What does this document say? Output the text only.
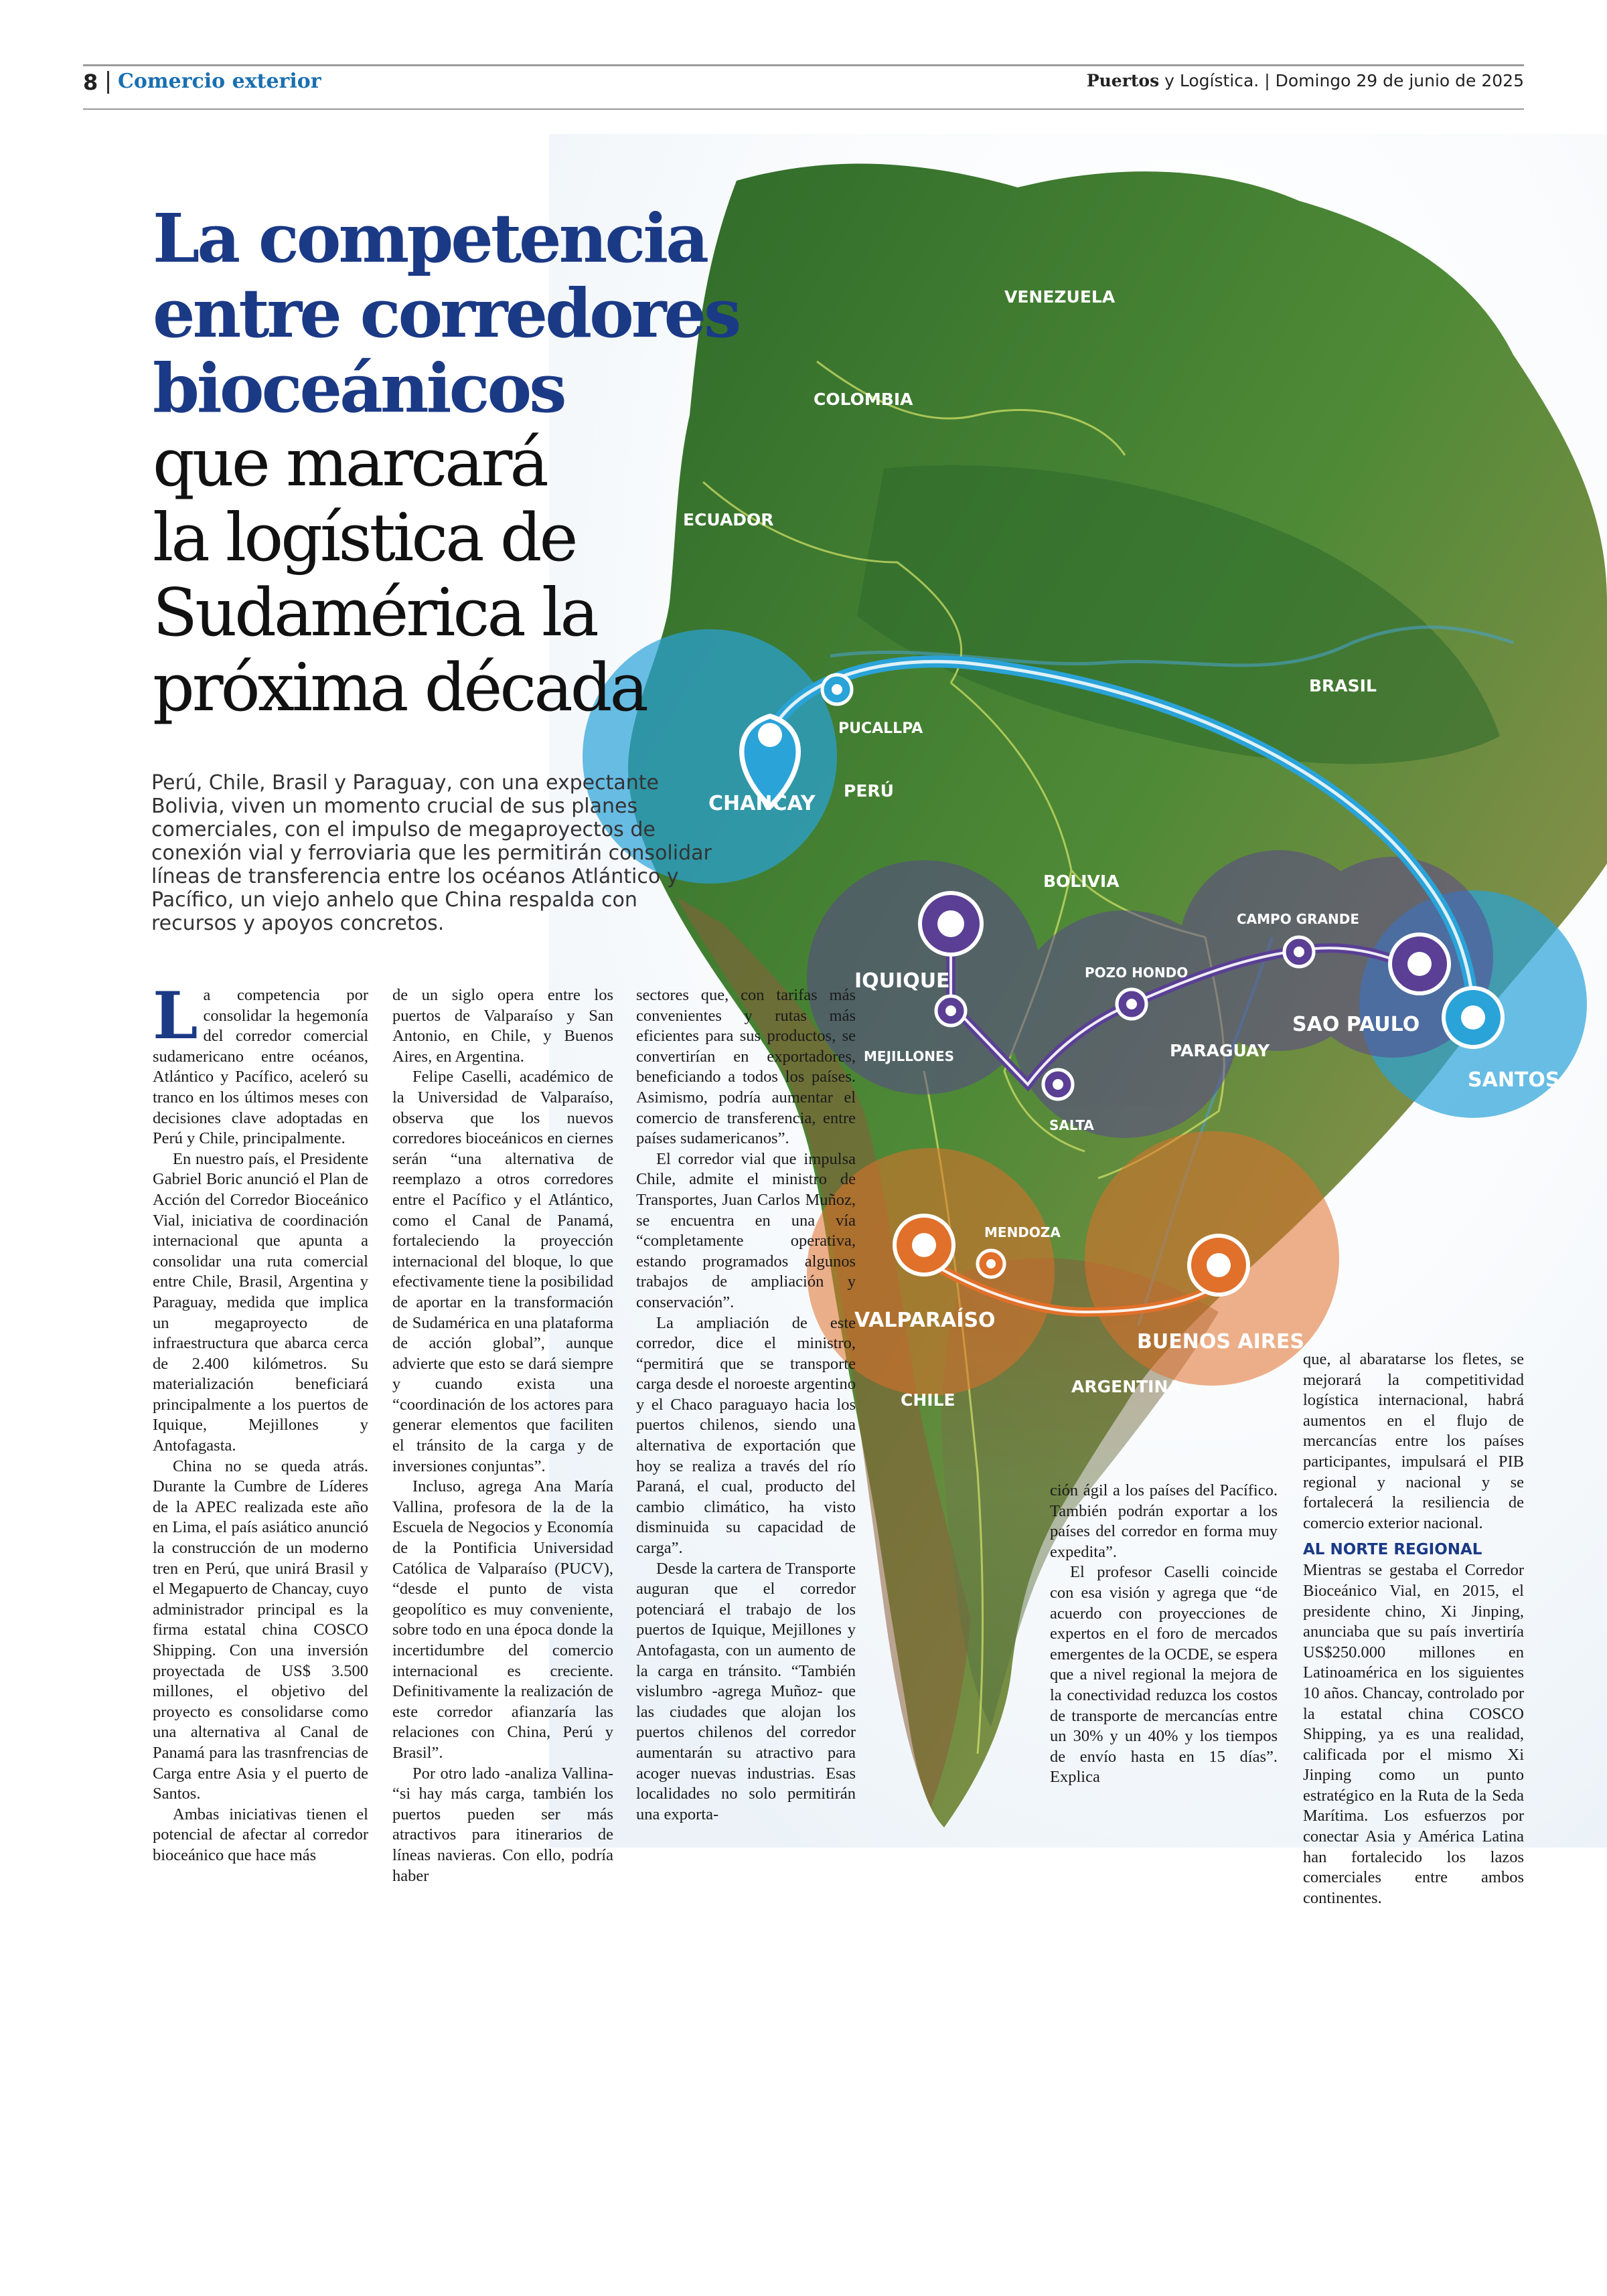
8 Comercio exterior	Puertos y Logística. | Domingo 29 de junio de 2025
VENEZUELA
COLOMBIA
ECUADOR
PERÚ
BRASIL
BOLIVIA
PARAGUAY
ARGENTINA
CHILE
CHANCAY
PUCALLPA
IQUIQUE
MEJILLONES
SALTA
POZO HONDO
CAMPO GRANDE
SAO PAULO
SANTOS
MENDOZA
VALPARAÍSO
BUENOS AIRES
La competencia
entre corredores
bioceánicos
que marcará
la logística de
Sudamérica la
próxima década
Perú, Chile, Brasil y Paraguay, con una expectante Bolivia, viven un momento crucial de sus planes comerciales, con el impulso de megaproyectos de conexión vial y ferroviaria que les permitirán consolidar líneas de transferencia entre los océanos Atlántico y Pacífico, un viejo anhelo que China respalda con recursos y apoyos concretos.
L a competencia por consolidar la hegemonía del corredor comercial sudamericano entre océanos, Atlántico y Pacífico, aceleró su tranco en los últimos meses con decisiones clave adoptadas en Perú y Chile, principalmente.

En nuestro país, el Presidente Gabriel Boric anunció el Plan de Acción del Corredor Bioceánico Vial, iniciativa de coordinación internacional que apunta a consolidar una ruta comercial entre Chile, Brasil, Argentina y Paraguay, medida que implica un megaproyecto de infraestructura que abarca cerca de 2.400 kilómetros. Su materialización beneficiará principalmente a los puertos de Iquique, Mejillones y Antofagasta.

China no se queda atrás. Durante la Cumbre de Líderes de la APEC realizada este año en Lima, el país asiático anunció la construcción de un moderno tren en Perú, que unirá Brasil y el Megapuerto de Chancay, cuyo administrador principal es la firma estatal china COSCO Shipping. Con una inversión proyectada de US$ 3.500 millones, el objetivo del proyecto es consolidarse como una alternativa al Canal de Panamá para las trasnfrencias de Carga entre Asia y el puerto de Santos.

Ambas iniciativas tienen el potencial de afectar al corredor bioceánico que hace más

de un siglo opera entre los puertos de Valparaíso y San Antonio, en Chile, y Buenos Aires, en Argentina.

Felipe Caselli, académico de la Universidad de Valparaíso, observa que los nuevos corredores bioceánicos en ciernes serán “una alternativa de reemplazo a otros corredores entre el Pacífico y el Atlántico, como el Canal de Panamá, fortaleciendo la proyección internacional del bloque, lo que efectivamente tiene la posibilidad de aportar en la transformación de Sudamérica en una plataforma de acción global”, aunque advierte que esto se dará siempre y cuando exista una “coordinación de los actores para generar elementos que faciliten el tránsito de la carga y de inversiones conjuntas”.

Incluso, agrega Ana María Vallina, profesora de la de la Escuela de Negocios y Economía de la Pontificia Universidad Católica de Valparaíso (PUCV), “desde el punto de vista geopolítico es muy conveniente, sobre todo en una época donde la incertidumbre del comercio internacional es creciente. Definitivamente la realización de este corredor afianzaría las relaciones con China, Perú y Brasil”.

Por otro lado -analiza Vallina- “si hay más carga, también los puertos pueden ser más atractivos para itinerarios de líneas navieras. Con ello, podría haber

sectores que, con tarifas más convenientes y rutas más eficientes para sus productos, se convertirían en exportadores, beneficiando a todos los países. Asimismo, podría aumentar el comercio de transferencia, entre países sudamericanos”.

El corredor vial que impulsa Chile, admite el ministro de Transportes, Juan Carlos Muñoz, se encuentra en una vía “completamente operativa, estando programados algunos trabajos de ampliación y conservación”.

La ampliación de este corredor, dice el ministro, “permitirá que se transporte carga desde el noroeste argentino y el Chaco paraguayo hacia los puertos chilenos, siendo una alternativa de exportación que hoy se realiza a través del río Paraná, el cual, producto del cambio climático, ha visto disminuida su capacidad de carga”.

Desde la cartera de Transporte auguran que el corredor potenciará el trabajo de los puertos de Iquique, Mejillones y Antofagasta, con un aumento de la carga en tránsito. “También vislumbro -agrega Muñoz- que las ciudades que alojan los puertos chilenos del corredor aumentarán su atractivo para acoger nuevas industrias. Esas localidades no solo permitirán una exporta-

ción ágil a los países del Pacífico. También podrán exportar a los países del corredor en forma muy expedita”.

El profesor Caselli coincide con esa visión y agrega que “de acuerdo con proyecciones de expertos en el foro de mercados emergentes de la OCDE, se espera que a nivel regional la mejora de la conectividad reduzca los costos de transporte de mercancías entre un 30% y un 40% y los tiempos de envío hasta en 15 días”. Explica

que, al abaratarse los fletes, se mejorará la competitividad logística internacional, habrá aumentos en el flujo de mercancías entre los países participantes, impulsará el PIB regional y nacional y se fortalecerá la resiliencia de comercio exterior nacional.

AL NORTE REGIONAL

Mientras se gestaba el Corredor Bioceánico Vial, en 2015, el presidente chino, Xi Jinping, anunciaba que su país invertiría US$250.000 millones en Latinoamérica en los siguientes 10 años. Chancay, controlado por la estatal china COSCO Shipping, ya es una realidad, calificada por el mismo Xi Jinping como un punto estratégico en la Ruta de la Seda Marítima. Los esfuerzos por conectar Asia y América Latina han fortalecido los lazos comerciales entre ambos continentes.
